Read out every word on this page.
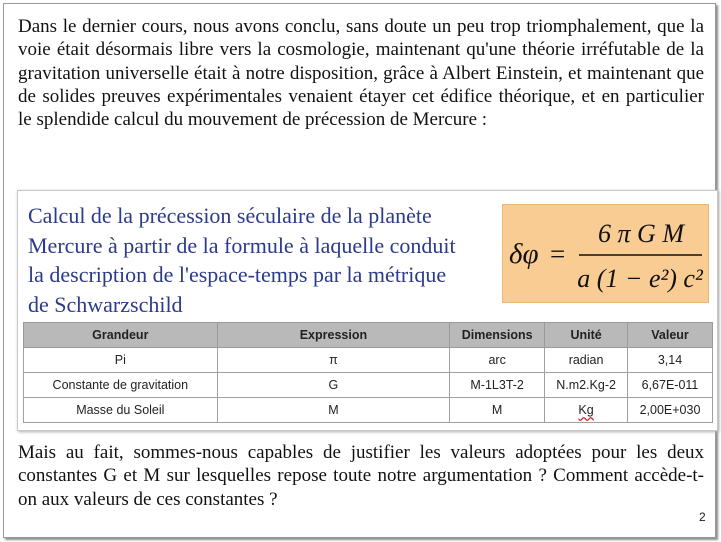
Dans le dernier cours, nous avons conclu, sans doute un peu trop triomphalement, que la voie était désormais libre vers la cosmologie, maintenant qu'une théorie irréfutable de la gravitation universelle était à notre disposition, grâce à Albert Einstein, et maintenant que de solides preuves expérimentales venaient étayer cet édifice théorique, et en particulier le splendide calcul du mouvement de précession de Mercure :

Calcul de la précession séculaire de la planète
Mercure à partir de la formule à laquelle conduit
la description de l'espace-temps par la métrique
de Schwarzschild
δφ =
6 π G M
a (1 − e²) c²
Grandeur	Expression	Dimensions	Unité	Valeur
Pi	π	arc	radian	3,14
Constante de gravitation	G	M-1L3T-2	N.m2.Kg-2	6,67E-011
Masse du Soleil	M	M	Kg	2,00E+030

Mais au fait, sommes-nous capables de justifier les valeurs adoptées pour les deux constantes G et M sur lesquelles repose toute notre argumentation ? Comment accède-t-on aux valeurs de ces constantes ?

2
